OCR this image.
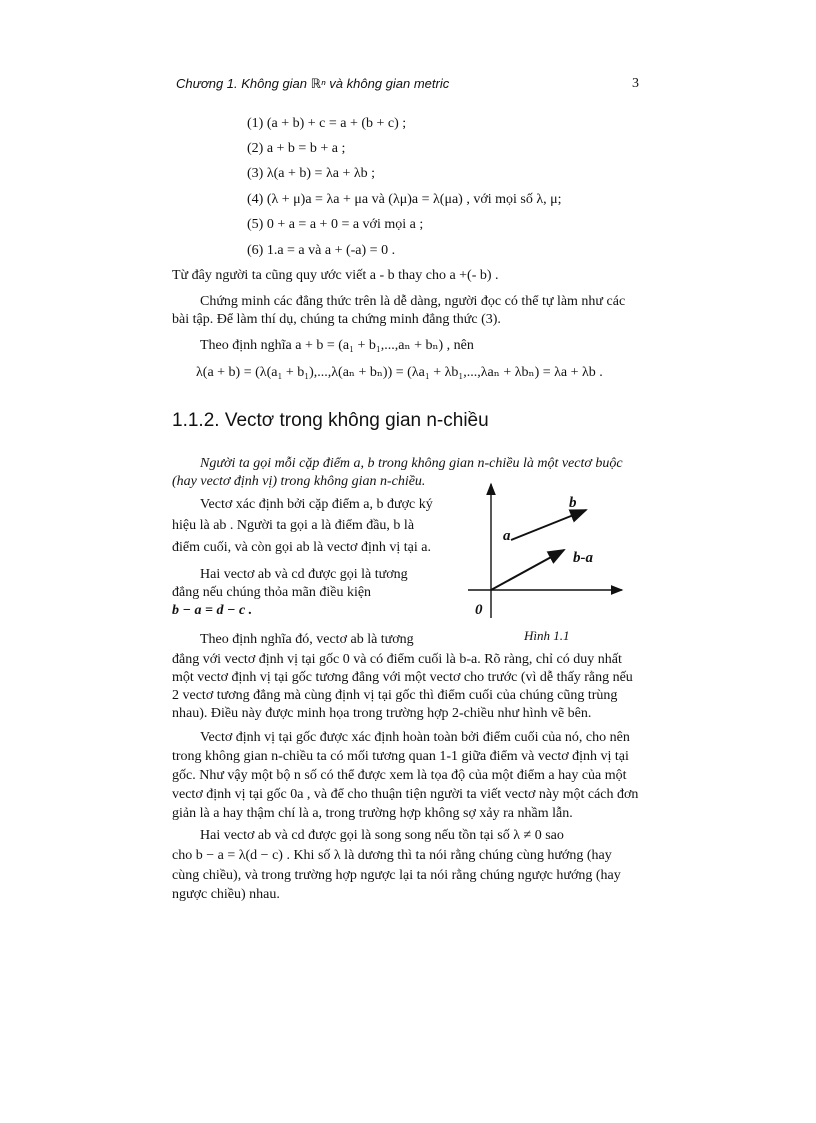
Chương 1. Không gian ℝⁿ và không gian metric	3
(1) (a + b) + c = a + (b + c) ;
(2) a + b = b + a ;
(3) λ(a + b) = λa + λb ;
(4) (λ + μ)a = λa + μa và (λμ)a = λ(μa) , với mọi số λ, μ;
(5) 0 + a = a + 0 = a với mọi a ;
(6) 1.a = a và a + (-a) = 0 .
Từ đây người ta cũng quy ước viết a - b thay cho a +(- b) .
Chứng minh các đẳng thức trên là dễ dàng, người đọc có thể tự làm như các
bài tập. Để làm thí dụ, chúng ta chứng minh đẳng thức (3).
Theo định nghĩa a + b = (a₁ + b₁,...,aₙ + bₙ) , nên
λ(a + b) = (λ(a₁ + b₁),...,λ(aₙ + bₙ)) = (λa₁ + λb₁,...,λaₙ + λbₙ) = λa + λb .
1.1.2. Vectơ trong không gian n-chiều
Người ta gọi mỗi cặp điểm a, b trong không gian n-chiều là một vectơ buộc
(hay vectơ định vị) trong không gian n-chiều.
Vectơ xác định bởi cặp điểm a, b được ký
hiệu là ab . Người ta gọi a là điểm đầu, b là
điểm cuối, và còn gọi ab là vectơ định vị tại a.
Hai vectơ ab và cd được gọi là tương
đẳng nếu chúng thỏa mãn điều kiện
b − a = d − c .
Theo định nghĩa đó, vectơ ab là tương
b
a
b-a
0
Hình 1.1
đẳng với vectơ định vị tại gốc 0 và có điểm cuối là b-a. Rõ ràng, chỉ có duy nhất
một vectơ định vị tại gốc tương đẳng với một vectơ cho trước (vì dễ thấy rằng nếu
2 vectơ tương đẳng mà cùng định vị tại gốc thì điểm cuối của chúng cũng trùng
nhau). Điều này được minh họa trong trường hợp 2-chiều như hình vẽ bên.
Vectơ định vị tại gốc được xác định hoàn toàn bởi điểm cuối của nó, cho nên
trong không gian n-chiều ta có mối tương quan 1-1 giữa điểm và vectơ định vị tại
gốc. Như vậy một bộ n số có thể được xem là tọa độ của một điểm a hay của một
vectơ định vị tại gốc 0a , và để cho thuận tiện người ta viết vectơ này một cách đơn
giản là a hay thậm chí là a, trong trường hợp không sợ xảy ra nhầm lẫn.
Hai vectơ ab và cd được gọi là song song nếu tồn tại số λ ≠ 0 sao
cho b − a = λ(d − c) . Khi số λ là dương thì ta nói rằng chúng cùng hướng (hay
cùng chiều), và trong trường hợp ngược lại ta nói rằng chúng ngược hướng (hay
ngược chiều) nhau.
